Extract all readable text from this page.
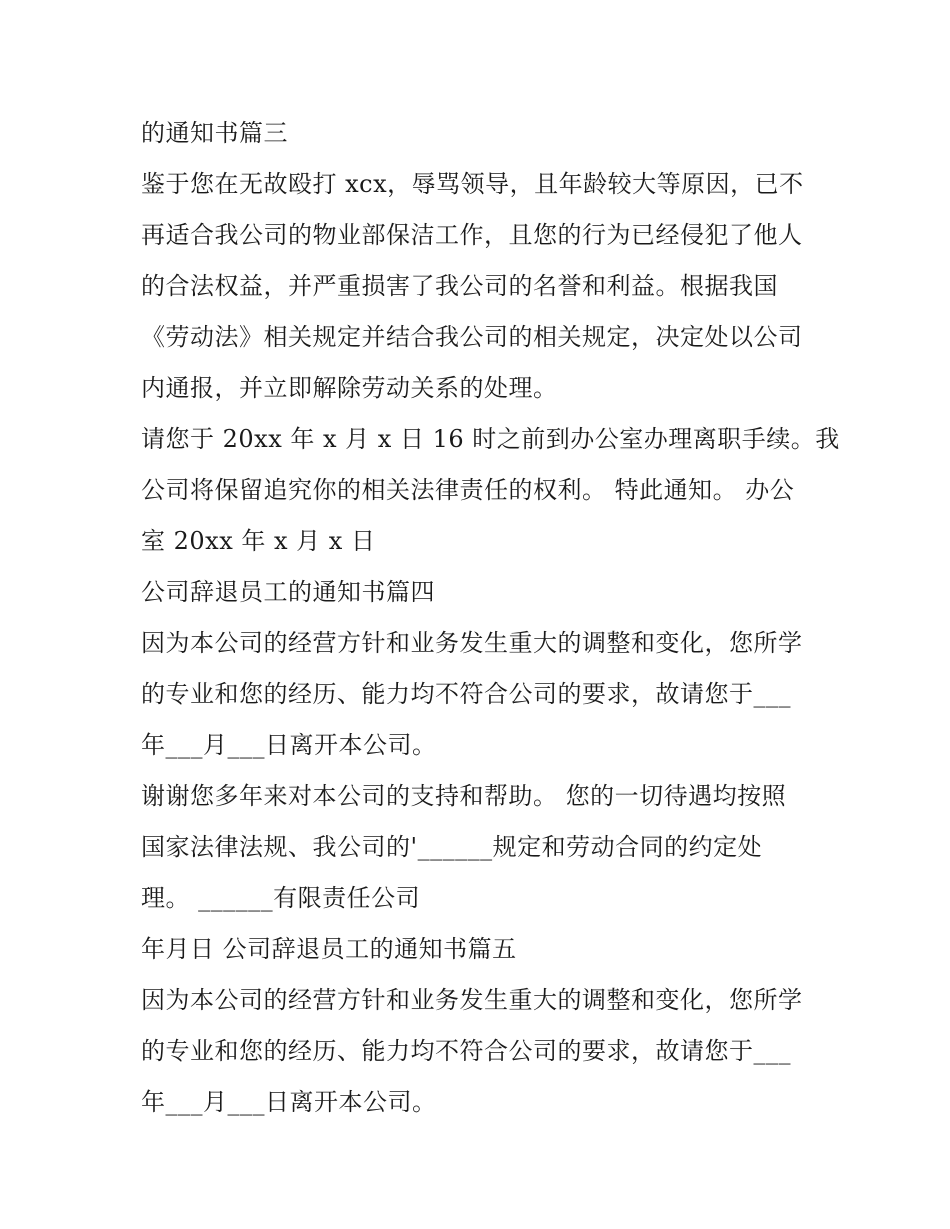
的通知书篇三
鉴于您在无故殴打 xcx，辱骂领导，且年龄较大等原因，已不
再适合我公司的物业部保洁工作，且您的行为已经侵犯了他人
的合法权益，并严重损害了我公司的名誉和利益。根据我国
《劳动法》相关规定并结合我公司的相关规定，决定处以公司
内通报，并立即解除劳动关系的处理。
请您于 20xx 年 x 月 x 日 16 时之前到办公室办理离职手续。我
公司将保留追究你的相关法律责任的权利。 特此通知。 办公
室 20xx 年 x 月 x 日
公司辞退员工的通知书篇四
因为本公司的经营方针和业务发生重大的调整和变化，您所学
的专业和您的经历、能力均不符合公司的要求，故请您于___
年___月___日离开本公司。
谢谢您多年来对本公司的支持和帮助。 您的一切待遇均按照
国家法律法规、我公司的'______规定和劳动合同的约定处
理。 ______有限责任公司
年月日 公司辞退员工的通知书篇五
因为本公司的经营方针和业务发生重大的调整和变化，您所学
的专业和您的经历、能力均不符合公司的要求，故请您于___
年___月___日离开本公司。
